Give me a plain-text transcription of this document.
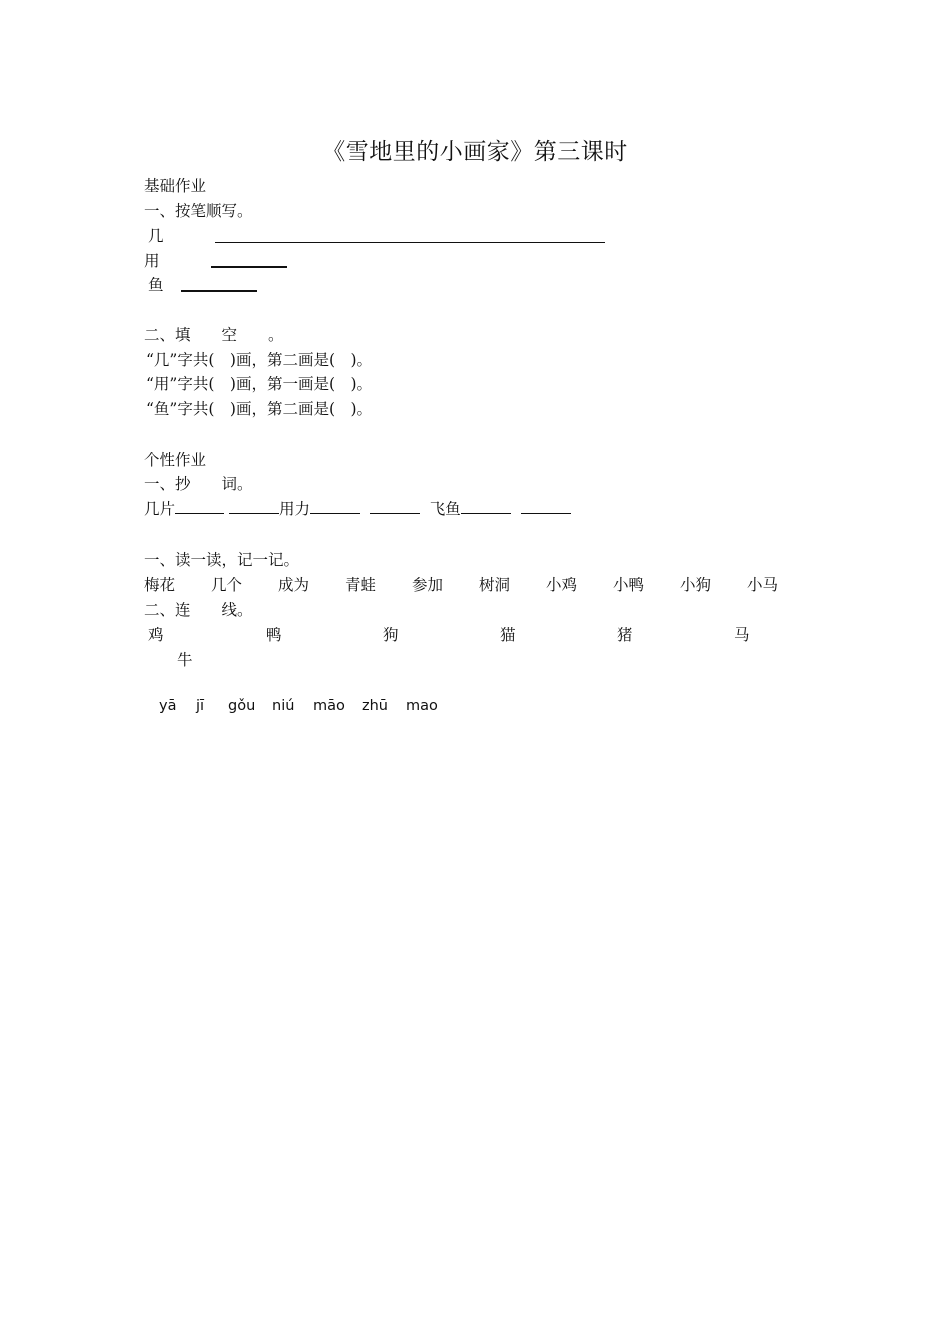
《雪地里的小画家》第三课时
基础作业
一、按笔顺写。
几
用
鱼
二、填　　空　　。
“几”字共(　)画，第二画是(　)。
“用”字共(　)画，第一画是(　)。
“鱼”字共(　)画，第二画是(　)。
个性作业
一、抄　　词。
几片	用力	飞鱼
一、读一读，记一记。
梅花 几个 成为 青蛙 参加 树洞 小鸡 小鸭 小狗 小马
二、连　　线。
鸡	鸭	狗	猫	猪	马
牛
yā jī gǒu niú māo zhū mao
